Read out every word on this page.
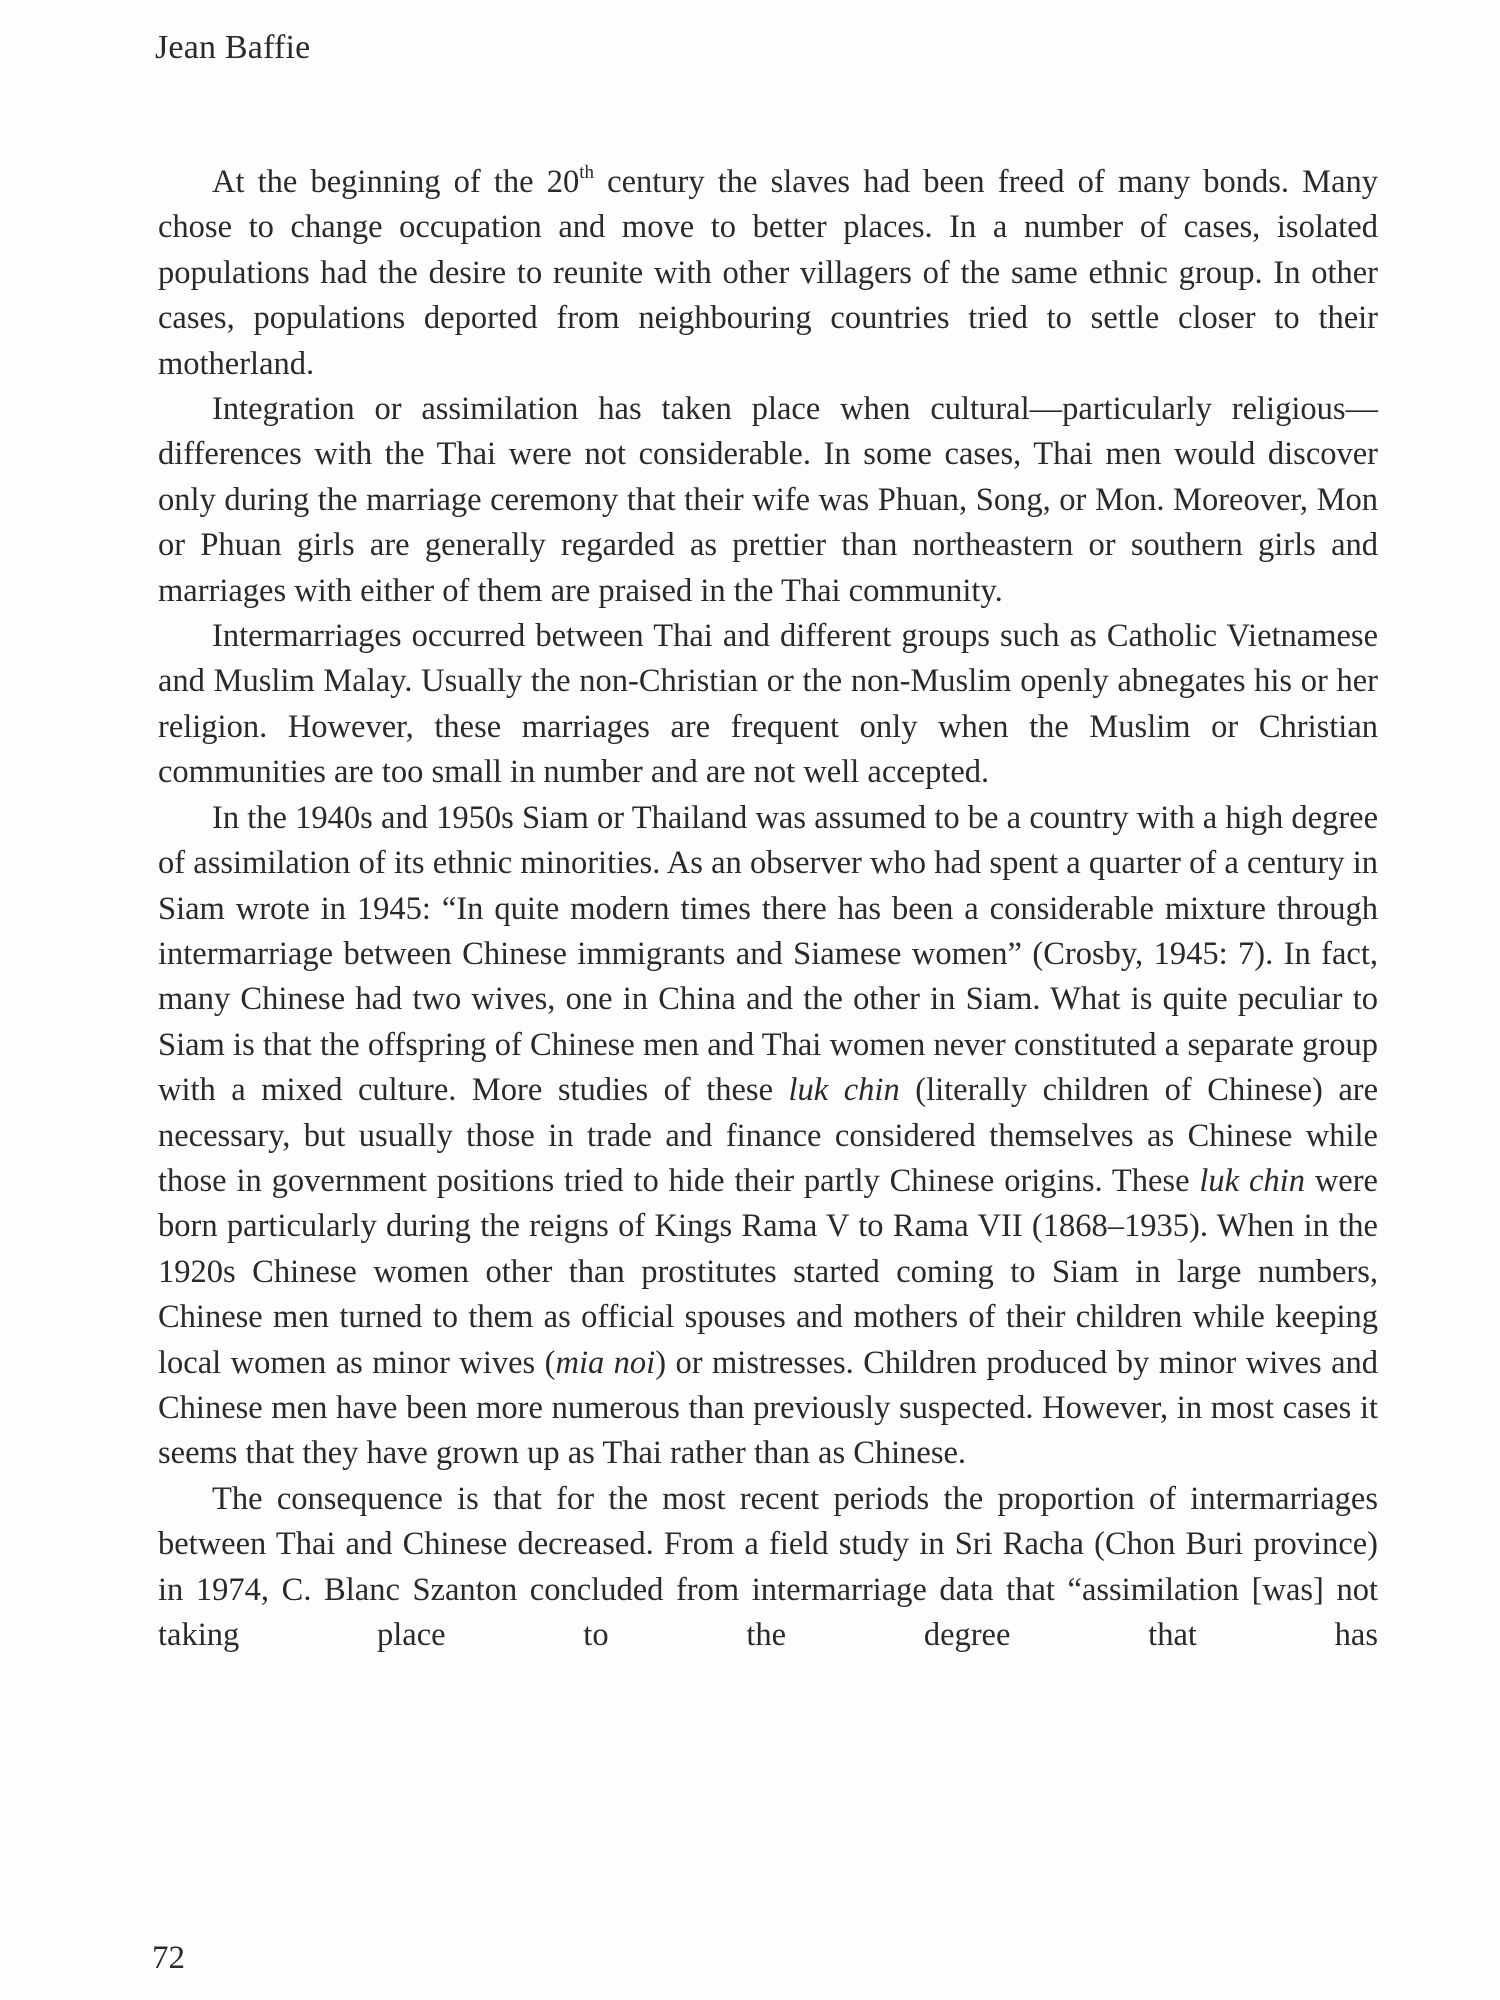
Jean Baffie

At the beginning of the 20th century the slaves had been freed of many bonds. Many chose to change occupation and move to better places. In a number of cases, isolated populations had the desire to reunite with other villagers of the same ethnic group. In other cases, populations deported from neighbouring countries tried to settle closer to their motherland.

Integration or assimilation has taken place when cultural—particularly religious—differences with the Thai were not considerable. In some cases, Thai men would discover only during the marriage ceremony that their wife was Phuan, Song, or Mon. Moreover, Mon or Phuan girls are generally regarded as prettier than northeastern or southern girls and marriages with either of them are praised in the Thai community.

Intermarriages occurred between Thai and different groups such as Catholic Vietnamese and Muslim Malay. Usually the non-Christian or the non-Muslim openly abnegates his or her religion. However, these marriages are frequent only when the Muslim or Christian communities are too small in number and are not well accepted.

In the 1940s and 1950s Siam or Thailand was assumed to be a country with a high degree of assimilation of its ethnic minorities. As an observer who had spent a quarter of a century in Siam wrote in 1945: “In quite modern times there has been a considerable mixture through intermarriage between Chinese immigrants and Siamese women” (Crosby, 1945: 7). In fact, many Chinese had two wives, one in China and the other in Siam. What is quite peculiar to Siam is that the offspring of Chinese men and Thai women never constituted a separate group with a mixed culture. More studies of these luk chin (literally children of Chinese) are necessary, but usually those in trade and finance considered themselves as Chinese while those in government positions tried to hide their partly Chinese origins. These luk chin were born particularly during the reigns of Kings Rama V to Rama VII (1868–1935). When in the 1920s Chinese women other than prostitutes started coming to Siam in large numbers, Chinese men turned to them as official spouses and mothers of their children while keeping local women as minor wives (mia noi) or mistresses. Children produced by minor wives and Chinese men have been more numerous than previously suspected. However, in most cases it seems that they have grown up as Thai rather than as Chinese.

The consequence is that for the most recent periods the proportion of intermarriages between Thai and Chinese decreased. From a field study in Sri Racha (Chon Buri province) in 1974, C. Blanc Szanton concluded from intermarriage data that “assimilation [was] not taking place to the degree that has

72
